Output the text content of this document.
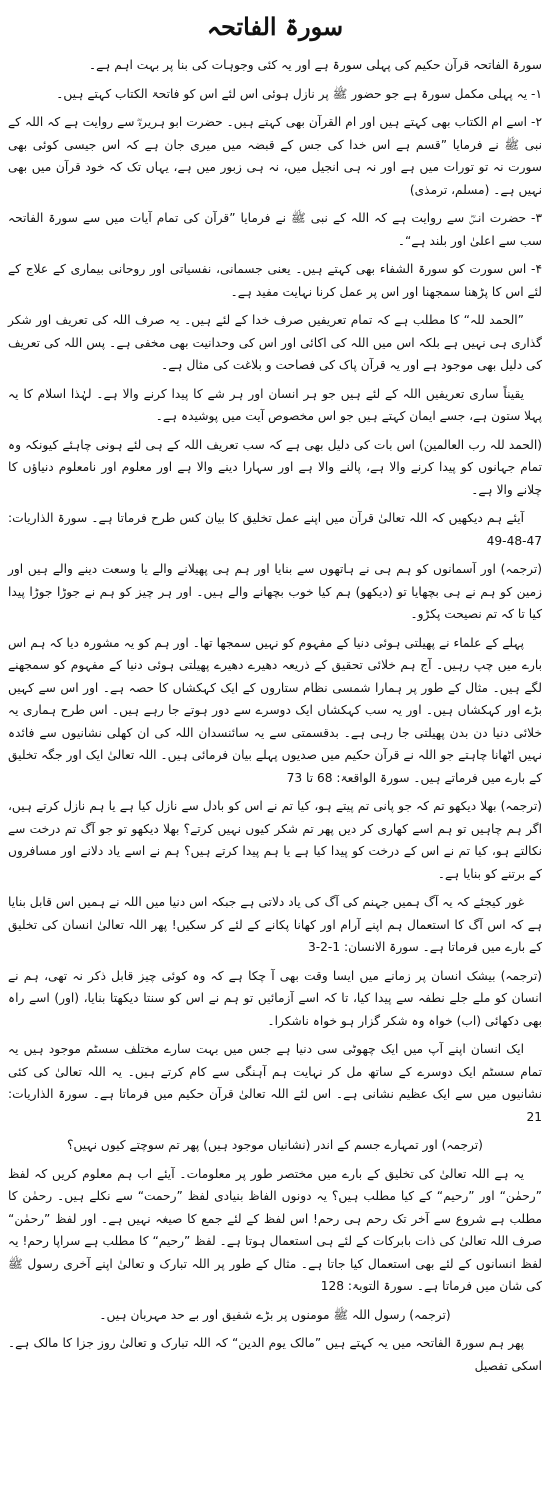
سورۃ الفاتحہ

سورۃ الفاتحہ قرآن حکیم کی پہلی سورۃ ہے اور یہ کئی وجوہات کی بنا پر بہت اہم ہے۔

۱- یہ پہلی مکمل سورۃ ہے جو حضور ﷺ پر نازل ہوئی اس لئے اس کو فاتحۃ الکتاب کہتے ہیں۔

۲- اسے ام الکتاب بھی کہتے ہیں اور ام القرآن بھی کہتے ہیں۔ حضرت ابو ہریرہؓ سے روایت ہے کہ اللہ کے نبی ﷺ نے فرمایا ”قسم ہے اس خدا کی جس کے قبضہ میں میری جان ہے کہ اس جیسی کوئی بھی سورت نہ تو تورات میں ہے اور نہ ہی انجیل میں، نہ ہی زبور میں ہے، یہاں تک کہ خود قرآن میں بھی نہیں ہے۔ (مسلم، ترمذی)

۳- حضرت انسؓ سے روایت ہے کہ اللہ کے نبی ﷺ نے فرمایا ”قرآن کی تمام آیات میں سے سورۃ الفاتحہ سب سے اعلیٰ اور بلند ہے“۔

۴- اس سورت کو سورۃ الشفاء بھی کہتے ہیں۔ یعنی جسمانی، نفسیاتی اور روحانی بیماری کے علاج کے لئے اس کا پڑھنا سمجھنا اور اس پر عمل کرنا نہایت مفید ہے۔

”الحمد للہ“ کا مطلب ہے کہ تمام تعریفیں صرف خدا کے لئے ہیں۔ یہ صرف اللہ کی تعریف اور شکر گذاری ہی نہیں ہے بلکہ اس میں اللہ کی اکائی اور اس کی وحدانیت بھی مخفی ہے۔ پس اللہ کی تعریف کی دلیل بھی موجود ہے اور یہ قرآن پاک کی فصاحت و بلاغت کی مثال ہے۔

یقیناً ساری تعریفیں اللہ کے لئے ہیں جو ہر انسان اور ہر شے کا پیدا کرنے والا ہے۔ لہٰذا اسلام کا یہ پہلا ستون ہے، جسے ایمان کہتے ہیں جو اس مخصوص آیت میں پوشیدہ ہے۔

(الحمد للہ رب العالمین) اس بات کی دلیل بھی ہے کہ سب تعریف اللہ کے ہی لئے ہونی چاہئے کیونکہ وہ تمام جہانوں کو پیدا کرنے والا ہے، پالنے والا ہے اور سہارا دینے والا ہے اور معلوم اور نامعلوم دنیاؤں کا چلانے والا ہے۔

آیئے ہم دیکھیں کہ اللہ تعالیٰ قرآن میں اپنے عمل تخلیق کا بیان کس طرح فرماتا ہے۔ سورۃ الذاریات: 47-48-49

(ترجمہ) اور آسمانوں کو ہم ہی نے ہاتھوں سے بنایا اور ہم ہی پھیلانے والے یا وسعت دینے والے ہیں اور زمین کو ہم نے ہی بچھایا تو (دیکھو) ہم کیا خوب بچھانے والے ہیں۔ اور ہر چیز کو ہم نے جوڑا جوڑا پیدا کیا تا کہ تم نصیحت پکڑو۔

پہلے کے علماء نے پھیلتی ہوئی دنیا کے مفہوم کو نہیں سمجھا تھا۔ اور ہم کو یہ مشورہ دیا کہ ہم اس بارے میں چپ رہیں۔ آج ہم خلائی تحقیق کے ذریعہ دھیرے دھیرے پھیلتی ہوئی دنیا کے مفہوم کو سمجھنے لگے ہیں۔ مثال کے طور پر ہمارا شمسی نظام ستاروں کے ایک کہکشاں کا حصہ ہے۔ اور اس سے کہیں بڑے اور کہکشاں ہیں۔ اور یہ سب کہکشاں ایک دوسرے سے دور ہوتے جا رہے ہیں۔ اس طرح ہماری یہ خلائی دنیا دن بدن پھیلتی جا رہی ہے۔ بدقسمتی سے یہ سائنسدان اللہ کی ان کھلی نشانیوں سے فائدہ نہیں اٹھانا چاہتے جو اللہ نے قرآن حکیم میں صدیوں پہلے بیان فرمائی ہیں۔ اللہ تعالیٰ ایک اور جگہ تخلیق کے بارے میں فرماتے ہیں۔ سورۃ الواقعۃ: 68 تا 73

(ترجمہ) بھلا دیکھو تم کہ جو پانی تم پیتے ہو، کیا تم نے اس کو بادل سے نازل کیا ہے یا ہم نازل کرتے ہیں، اگر ہم چاہیں تو ہم اسے کھاری کر دیں پھر تم شکر کیوں نہیں کرتے؟ بھلا دیکھو تو جو آگ تم درخت سے نکالتے ہو، کیا تم نے اس کے درخت کو پیدا کیا ہے یا ہم پیدا کرتے ہیں؟ ہم نے اسے یاد دلانے اور مسافروں کے برتنے کو بنایا ہے۔

غور کیجئے کہ یہ آگ ہمیں جہنم کی آگ کی یاد دلاتی ہے جبکہ اس دنیا میں اللہ نے ہمیں اس قابل بنایا ہے کہ اس آگ کا استعمال ہم اپنے آرام اور کھانا پکانے کے لئے کر سکیں! پھر اللہ تعالیٰ انسان کی تخلیق کے بارے میں فرماتا ہے۔ سورۃ الانسان: 1-2-3

(ترجمہ) بیشک انسان پر زمانے میں ایسا وقت بھی آ چکا ہے کہ وہ کوئی چیز قابل ذکر نہ تھی، ہم نے انسان کو ملے جلے نطفہ سے پیدا کیا، تا کہ اسے آزمائیں تو ہم نے اس کو سنتا دیکھتا بنایا، (اور) اسے راہ بھی دکھائی (اب) خواہ وہ شکر گزار ہو خواہ ناشکرا۔

ایک انسان اپنے آپ میں ایک چھوٹی سی دنیا ہے جس میں بہت سارے مختلف سسٹم موجود ہیں یہ تمام سسٹم ایک دوسرے کے ساتھ مل کر نہایت ہم آہنگی سے کام کرتے ہیں۔ یہ اللہ تعالیٰ کی کئی نشانیوں میں سے ایک عظیم نشانی ہے۔ اس لئے اللہ تعالیٰ قرآن حکیم میں فرماتا ہے۔ سورۃ الذاریات: 21

(ترجمہ) اور تمہارے جسم کے اندر (نشانیاں موجود ہیں) پھر تم سوچتے کیوں نہیں؟

یہ ہے اللہ تعالیٰ کی تخلیق کے بارے میں مختصر طور پر معلومات۔ آیئے اب ہم معلوم کریں کہ لفظ ”رحمٰن“ اور ”رحیم“ کے کیا مطلب ہیں؟ یہ دونوں الفاظ بنیادی لفظ ”رحمت“ سے نکلے ہیں۔ رحمٰن کا مطلب ہے شروع سے آخر تک رحم ہی رحم! اس لفظ کے لئے جمع کا صیغہ نہیں ہے۔ اور لفظ ”رحمٰن“ صرف اللہ تعالیٰ کی ذات بابرکات کے لئے ہی استعمال ہوتا ہے۔ لفظ ”رحیم“ کا مطلب ہے سراپا رحم! یہ لفظ انسانوں کے لئے بھی استعمال کیا جاتا ہے۔ مثال کے طور پر اللہ تبارک و تعالیٰ اپنے آخری رسول ﷺ کی شان میں فرماتا ہے۔ سورۃ التوبۃ: 128

(ترجمہ) رسول اللہ ﷺ مومنوں پر بڑے شفیق اور بے حد مہربان ہیں۔

پھر ہم سورۃ الفاتحہ میں یہ کہتے ہیں ”مالک یوم الدین“ کہ اللہ تبارک و تعالیٰ روز جزا کا مالک ہے۔ اسکی تفصیل
